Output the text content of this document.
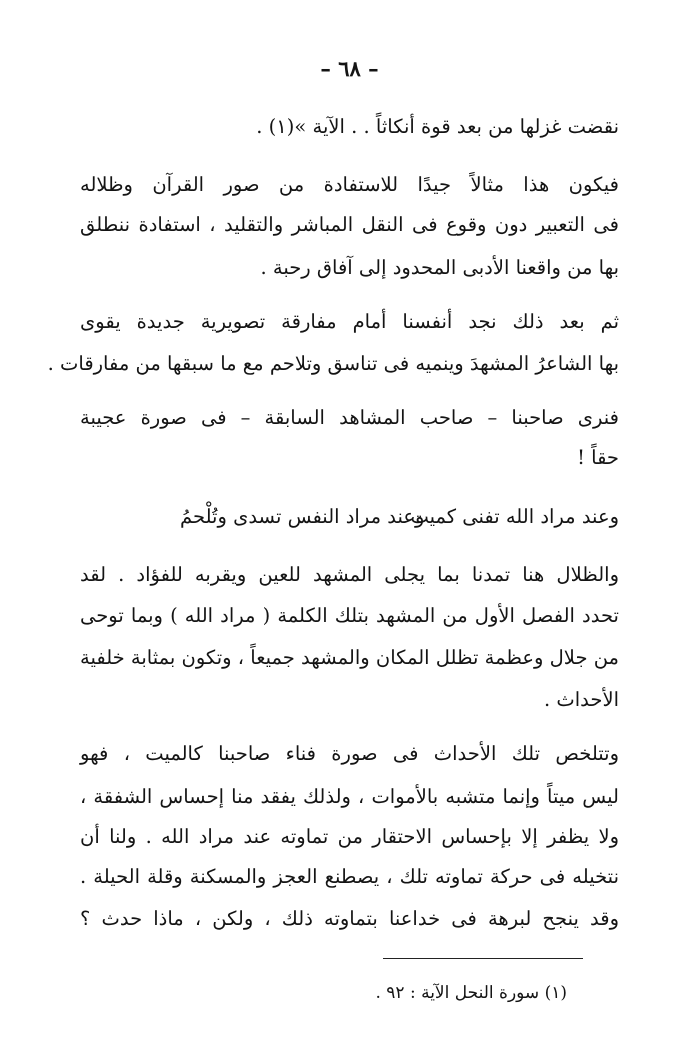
– ٦٨ –
نقضت غزلها من بعد قوة أنكاثاً . . الآية »(١) .
فيكون هذا مثالاً جيدًا للاستفادة من صور القرآن وظلاله
فى التعبير دون وقوع فى النقل المباشر والتقليد ، استفادة ننطلق
بها من واقعنا الأدبى المحدود إلى آفاق رحبة .
ثم بعد ذلك نجد أنفسنا أمام مفارقة تصويرية جديدة يقوى
بها الشاعرُ المشهدَ وينميه فى تناسق وتلاحم مع ما سبقها من مفارقات .
فنرى صاحبنا – صاحب المشاهد السابقة – فى صورة عجيبة
حقاً !
وعند مراد الله تفنى كميت
وعند مراد النفس تسدى وتُلْحمُ
والظلال هنا تمدنا بما يجلى المشهد للعين ويقربه للفؤاد . لقد
تحدد الفصل الأول من المشهد بتلك الكلمة ( مراد الله ) وبما توحى
من جلال وعظمة تظلل المكان والمشهد جميعاً ، وتكون بمثابة خلفية
الأحداث .
وتتلخص تلك الأحداث فى صورة فناء صاحبنا كالميت ، فهو
ليس ميتاً وإنما متشبه بالأموات ، ولذلك يفقد منا إحساس الشفقة ،
ولا يظفر إلا بإحساس الاحتقار من تماوته عند مراد الله . ولنا أن
نتخيله فى حركة تماوته تلك ، يصطنع العجز والمسكنة وقلة الحيلة .
وقد ينجح لبرهة فى خداعنا بتماوته ذلك ، ولكن ، ماذا حدث ؟
(١) سورة النحل الآية : ٩٢ .
